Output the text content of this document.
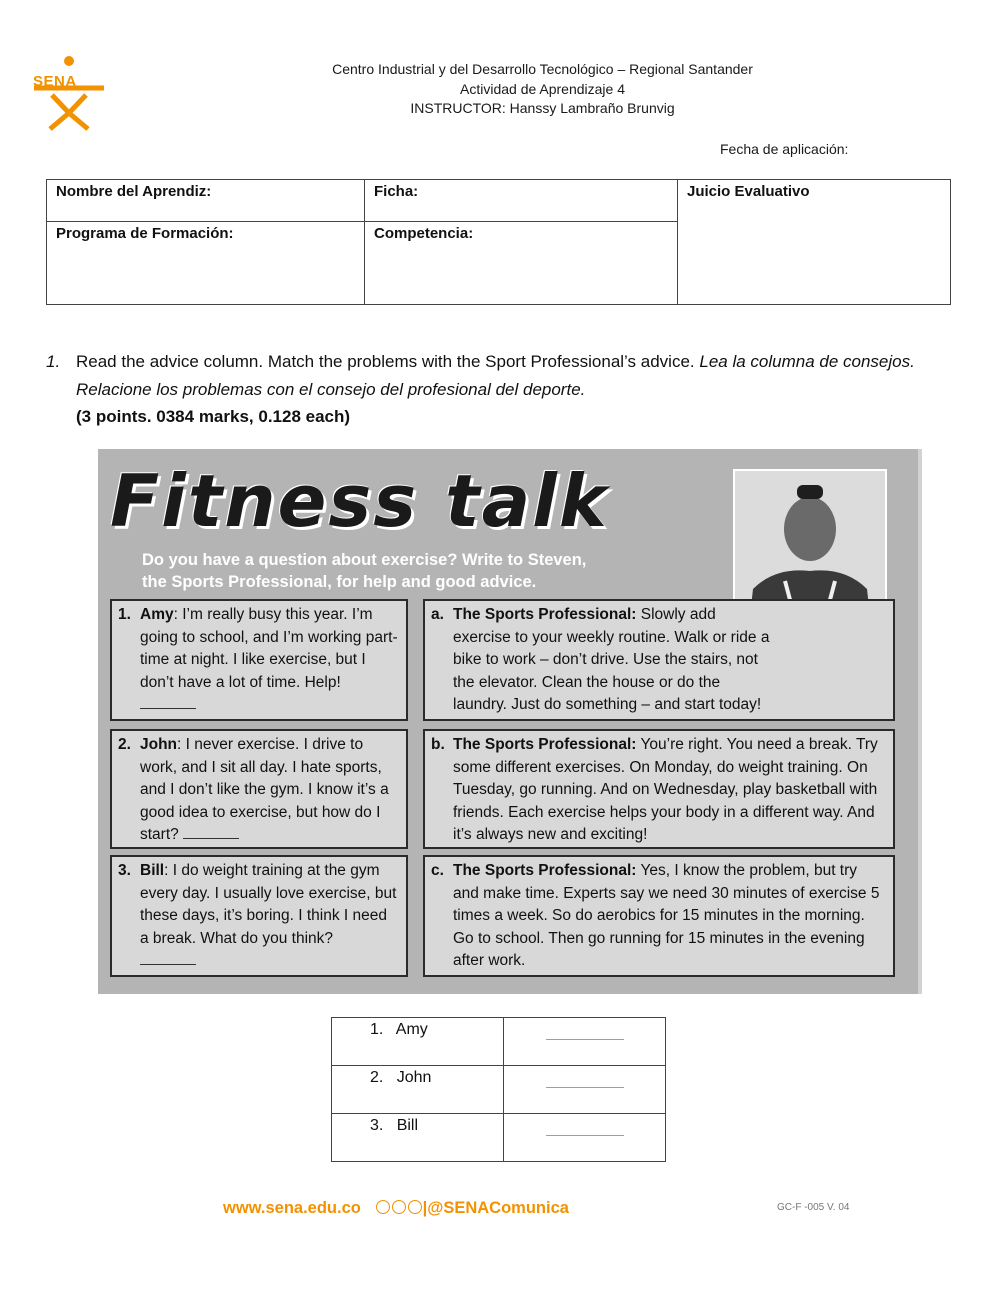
SENA
Centro Industrial y del Desarrollo Tecnológico – Regional Santander
Actividad de Aprendizaje 4
INSTRUCTOR: Hanssy Lambraño Brunvig
Fecha de aplicación:
Nombre del Aprendiz:	Ficha:	Juicio Evaluativo
Programa de Formación:	Competencia:	
1. Read the advice column. Match the problems with the Sport Professional’s advice. Lea la columna de consejos. Relacione los problemas con el consejo del profesional del deporte.
(3 points. 0384 marks, 0.128 each)
Fitness talk
Do you have a question about exercise? Write to Steven,
the Sports Professional, for help and good advice.
1. Amy: I’m really busy this year. I’m going to school, and I’m working part-time at night. I like exercise, but I don’t have a lot of time. Help!

2. John: I never exercise. I drive to work, and I sit all day. I hate sports, and I don’t like the gym. I know it’s a good idea to exercise, but how do I start?
3. Bill: I do weight training at the gym every day. I usually love exercise, but these days, it’s boring. I think I need a break. What do you think?

a. The Sports Professional: Slowly add exercise to your weekly routine. Walk or ride a bike to work – don’t drive. Use the stairs, not the elevator. Clean the house or do the laundry. Just do something – and start today!
b. The Sports Professional: You’re right. You need a break. Try some different exercises. On Monday, do weight training. On Tuesday, go running. And on Wednesday, play basketball with friends. Each exercise helps your body in a different way. And it’s always new and exciting!
c. The Sports Professional: Yes, I know the problem, but try and make time. Experts say we need 30 minutes of exercise 5 times a week. So do aerobics for 15 minutes in the morning. Go to school. Then go running for 15 minutes in the evening after work.
1. Amy	
2. John	
3. Bill	
www.sena.edu.co	|@SENAComunica	GC-F -005 V. 04
